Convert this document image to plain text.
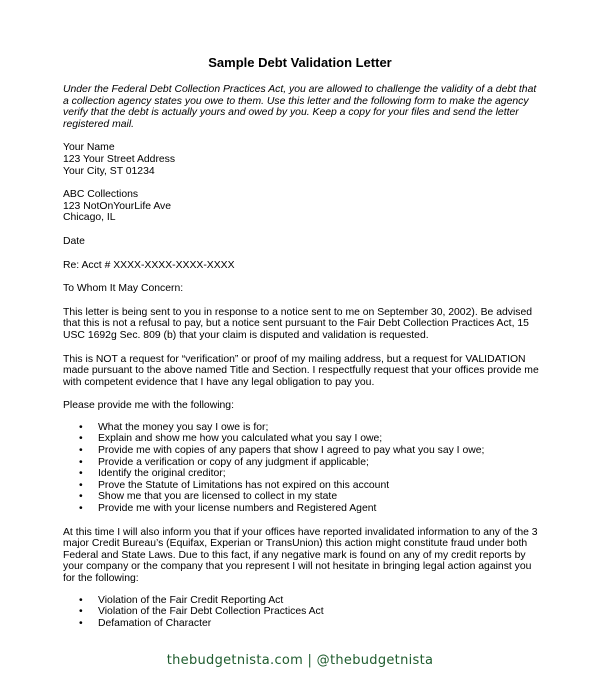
Sample Debt Validation Letter
Under the Federal Debt Collection Practices Act, you are allowed to challenge the validity of a debt that a collection agency states you owe to them. Use this letter and the following form to make the agency verify that the debt is actually yours and owed by you. Keep a copy for your files and send the letter registered mail.
Your Name
123 Your Street Address
Your City, ST 01234
ABC Collections
123 NotOnYourLife Ave
Chicago, IL
Date
Re: Acct # XXXX-XXXX-XXXX-XXXX
To Whom It May Concern:
This letter is being sent to you in response to a notice sent to me on September 30, 2002). Be advised that this is not a refusal to pay, but a notice sent pursuant to the Fair Debt Collection Practices Act, 15 USC 1692g Sec. 809 (b) that your claim is disputed and validation is requested.
This is NOT a request for “verification” or proof of my mailing address, but a request for VALIDATION made pursuant to the above named Title and Section. I respectfully request that your offices provide me with competent evidence that I have any legal obligation to pay you.
Please provide me with the following:
• What the money you say I owe is for;
• Explain and show me how you calculated what you say I owe;
• Provide me with copies of any papers that show I agreed to pay what you say I owe;
• Provide a verification or copy of any judgment if applicable;
• Identify the original creditor;
• Prove the Statute of Limitations has not expired on this account
• Show me that you are licensed to collect in my state
• Provide me with your license numbers and Registered Agent
At this time I will also inform you that if your offices have reported invalidated information to any of the 3 major Credit Bureau’s (Equifax, Experian or TransUnion) this action might constitute fraud under both Federal and State Laws. Due to this fact, if any negative mark is found on any of my credit reports by your company or the company that you represent I will not hesitate in bringing legal action against you for the following:
• Violation of the Fair Credit Reporting Act
• Violation of the Fair Debt Collection Practices Act
• Defamation of Character
thebudgetnista.com | @thebudgetnista
